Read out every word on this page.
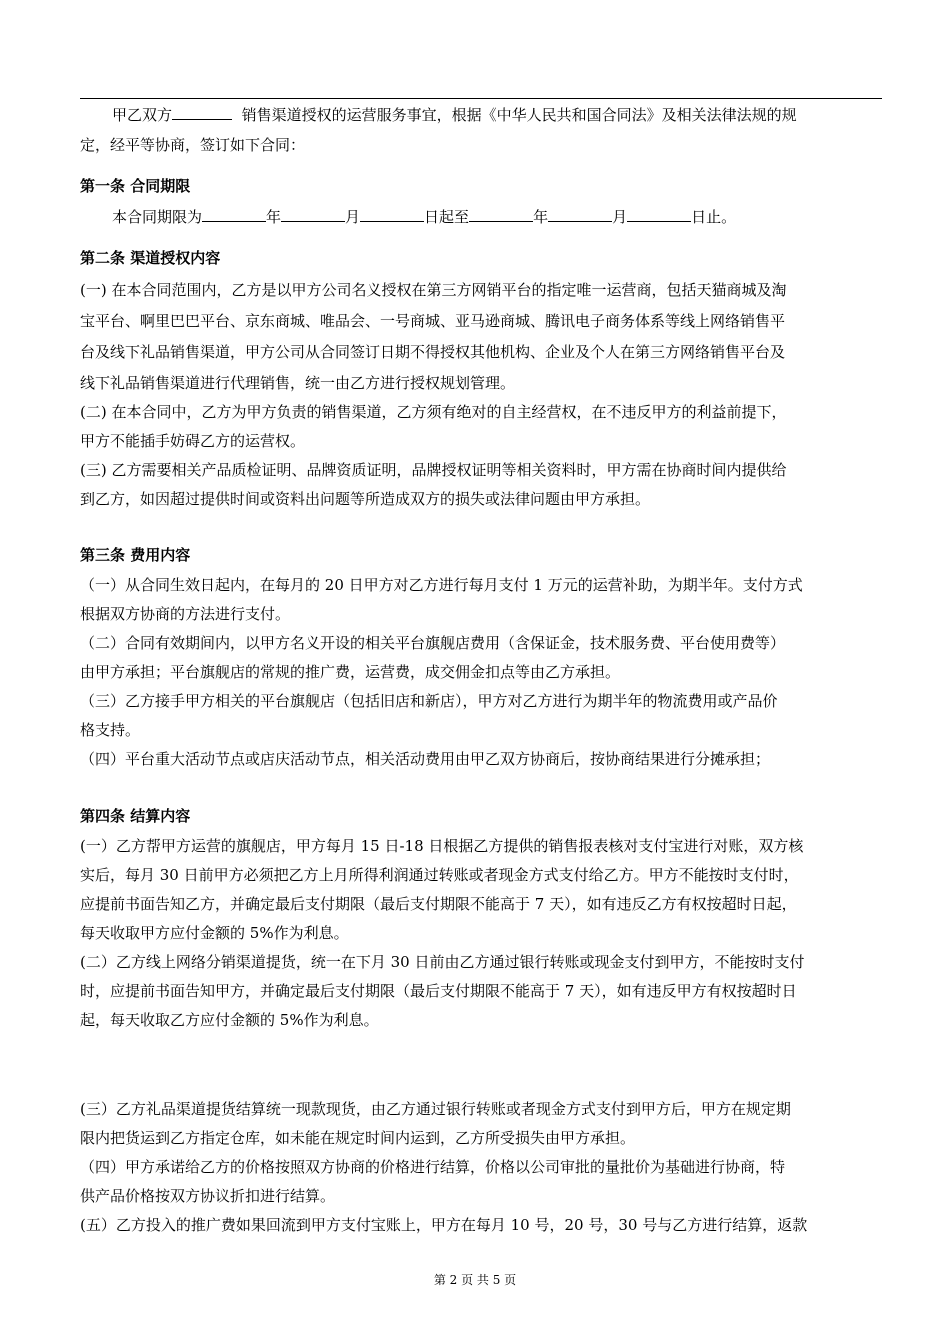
甲乙双方	销售渠道授权的运营服务事宜，根据《中华人民共和国合同法》及相关法律法规的规
定，经平等协商，签订如下合同：
第一条 合同期限
本合同期限为	年	月	日起至	年	月	日止。
第二条 渠道授权内容
(一) 在本合同范围内，乙方是以甲方公司名义授权在第三方网销平台的指定唯一运营商，包括天猫商城及淘
宝平台、啊里巴巴平台、京东商城、唯品会、一号商城、亚马逊商城、腾讯电子商务体系等线上网络销售平
台及线下礼品销售渠道，甲方公司从合同签订日期不得授权其他机构、企业及个人在第三方网络销售平台及
线下礼品销售渠道进行代理销售，统一由乙方进行授权规划管理。
(二) 在本合同中，乙方为甲方负责的销售渠道，乙方须有绝对的自主经营权，在不违反甲方的利益前提下，
甲方不能插手妨碍乙方的运营权。
(三) 乙方需要相关产品质检证明、品牌资质证明，品牌授权证明等相关资料时，甲方需在协商时间内提供给
到乙方，如因超过提供时间或资料出问题等所造成双方的损失或法律问题由甲方承担。
第三条 费用内容
（一）从合同生效日起内，在每月的 20 日甲方对乙方进行每月支付 1 万元的运营补助，为期半年。支付方式
根据双方协商的方法进行支付。
（二）合同有效期间内，以甲方名义开设的相关平台旗舰店费用（含保证金，技术服务费、平台使用费等）
由甲方承担；平台旗舰店的常规的推广费，运营费，成交佣金扣点等由乙方承担。
（三）乙方接手甲方相关的平台旗舰店（包括旧店和新店），甲方对乙方进行为期半年的物流费用或产品价
格支持。
（四）平台重大活动节点或店庆活动节点，相关活动费用由甲乙双方协商后，按协商结果进行分摊承担；
第四条 结算内容
(一）乙方帮甲方运营的旗舰店，甲方每月 15 日-18 日根据乙方提供的销售报表核对支付宝进行对账，双方核
实后，每月 30 日前甲方必须把乙方上月所得利润通过转账或者现金方式支付给乙方。甲方不能按时支付时，
应提前书面告知乙方，并确定最后支付期限（最后支付期限不能高于 7 天），如有违反乙方有权按超时日起，
每天收取甲方应付金额的 5%作为利息。
(二）乙方线上网络分销渠道提货，统一在下月 30 日前由乙方通过银行转账或现金支付到甲方，不能按时支付
时，应提前书面告知甲方，并确定最后支付期限（最后支付期限不能高于 7 天），如有违反甲方有权按超时日
起，每天收取乙方应付金额的 5%作为利息。
(三）乙方礼品渠道提货结算统一现款现货，由乙方通过银行转账或者现金方式支付到甲方后，甲方在规定期
限内把货运到乙方指定仓库，如未能在规定时间内运到，乙方所受损失由甲方承担。
（四）甲方承诺给乙方的价格按照双方协商的价格进行结算，价格以公司审批的量批价为基础进行协商，特
供产品价格按双方协议折扣进行结算。
(五）乙方投入的推广费如果回流到甲方支付宝账上，甲方在每月 10 号，20 号，30 号与乙方进行结算，返款
第 2 页 共 5 页
